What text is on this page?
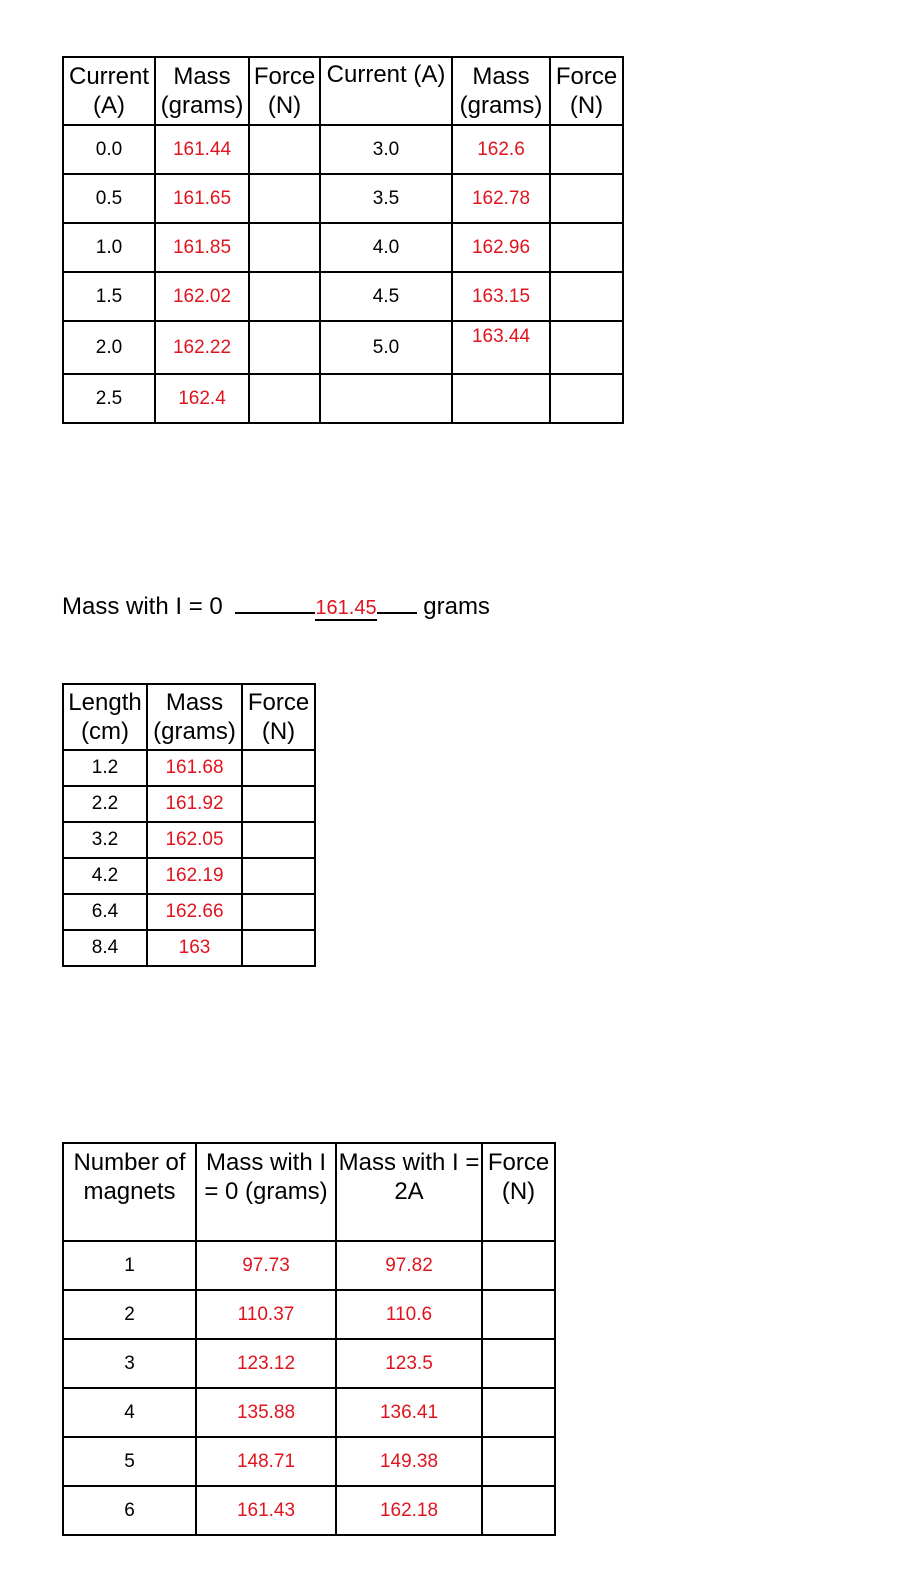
Current (A)	Mass (grams)	Force (N)	Current (A)	Mass (grams)	Force (N)
0.0	161.44		3.0	162.6	
0.5	161.65		3.5	162.78	
1.0	161.85		4.0	162.96	
1.5	162.02		4.5	163.15	
2.0	162.22		5.0	163.44	
2.5	162.4				
Mass with I = 0	161.45 grams
Length (cm)	Mass (grams)	Force (N)
1.2	161.68	
2.2	161.92	
3.2	162.05	
4.2	162.19	
6.4	162.66	
8.4	163	
Number of magnets	Mass with I = 0 (grams)	Mass with I = 2A	Force (N)
1	97.73	97.82	
2	110.37	110.6	
3	123.12	123.5	
4	135.88	136.41	
5	148.71	149.38	
6	161.43	162.18	
